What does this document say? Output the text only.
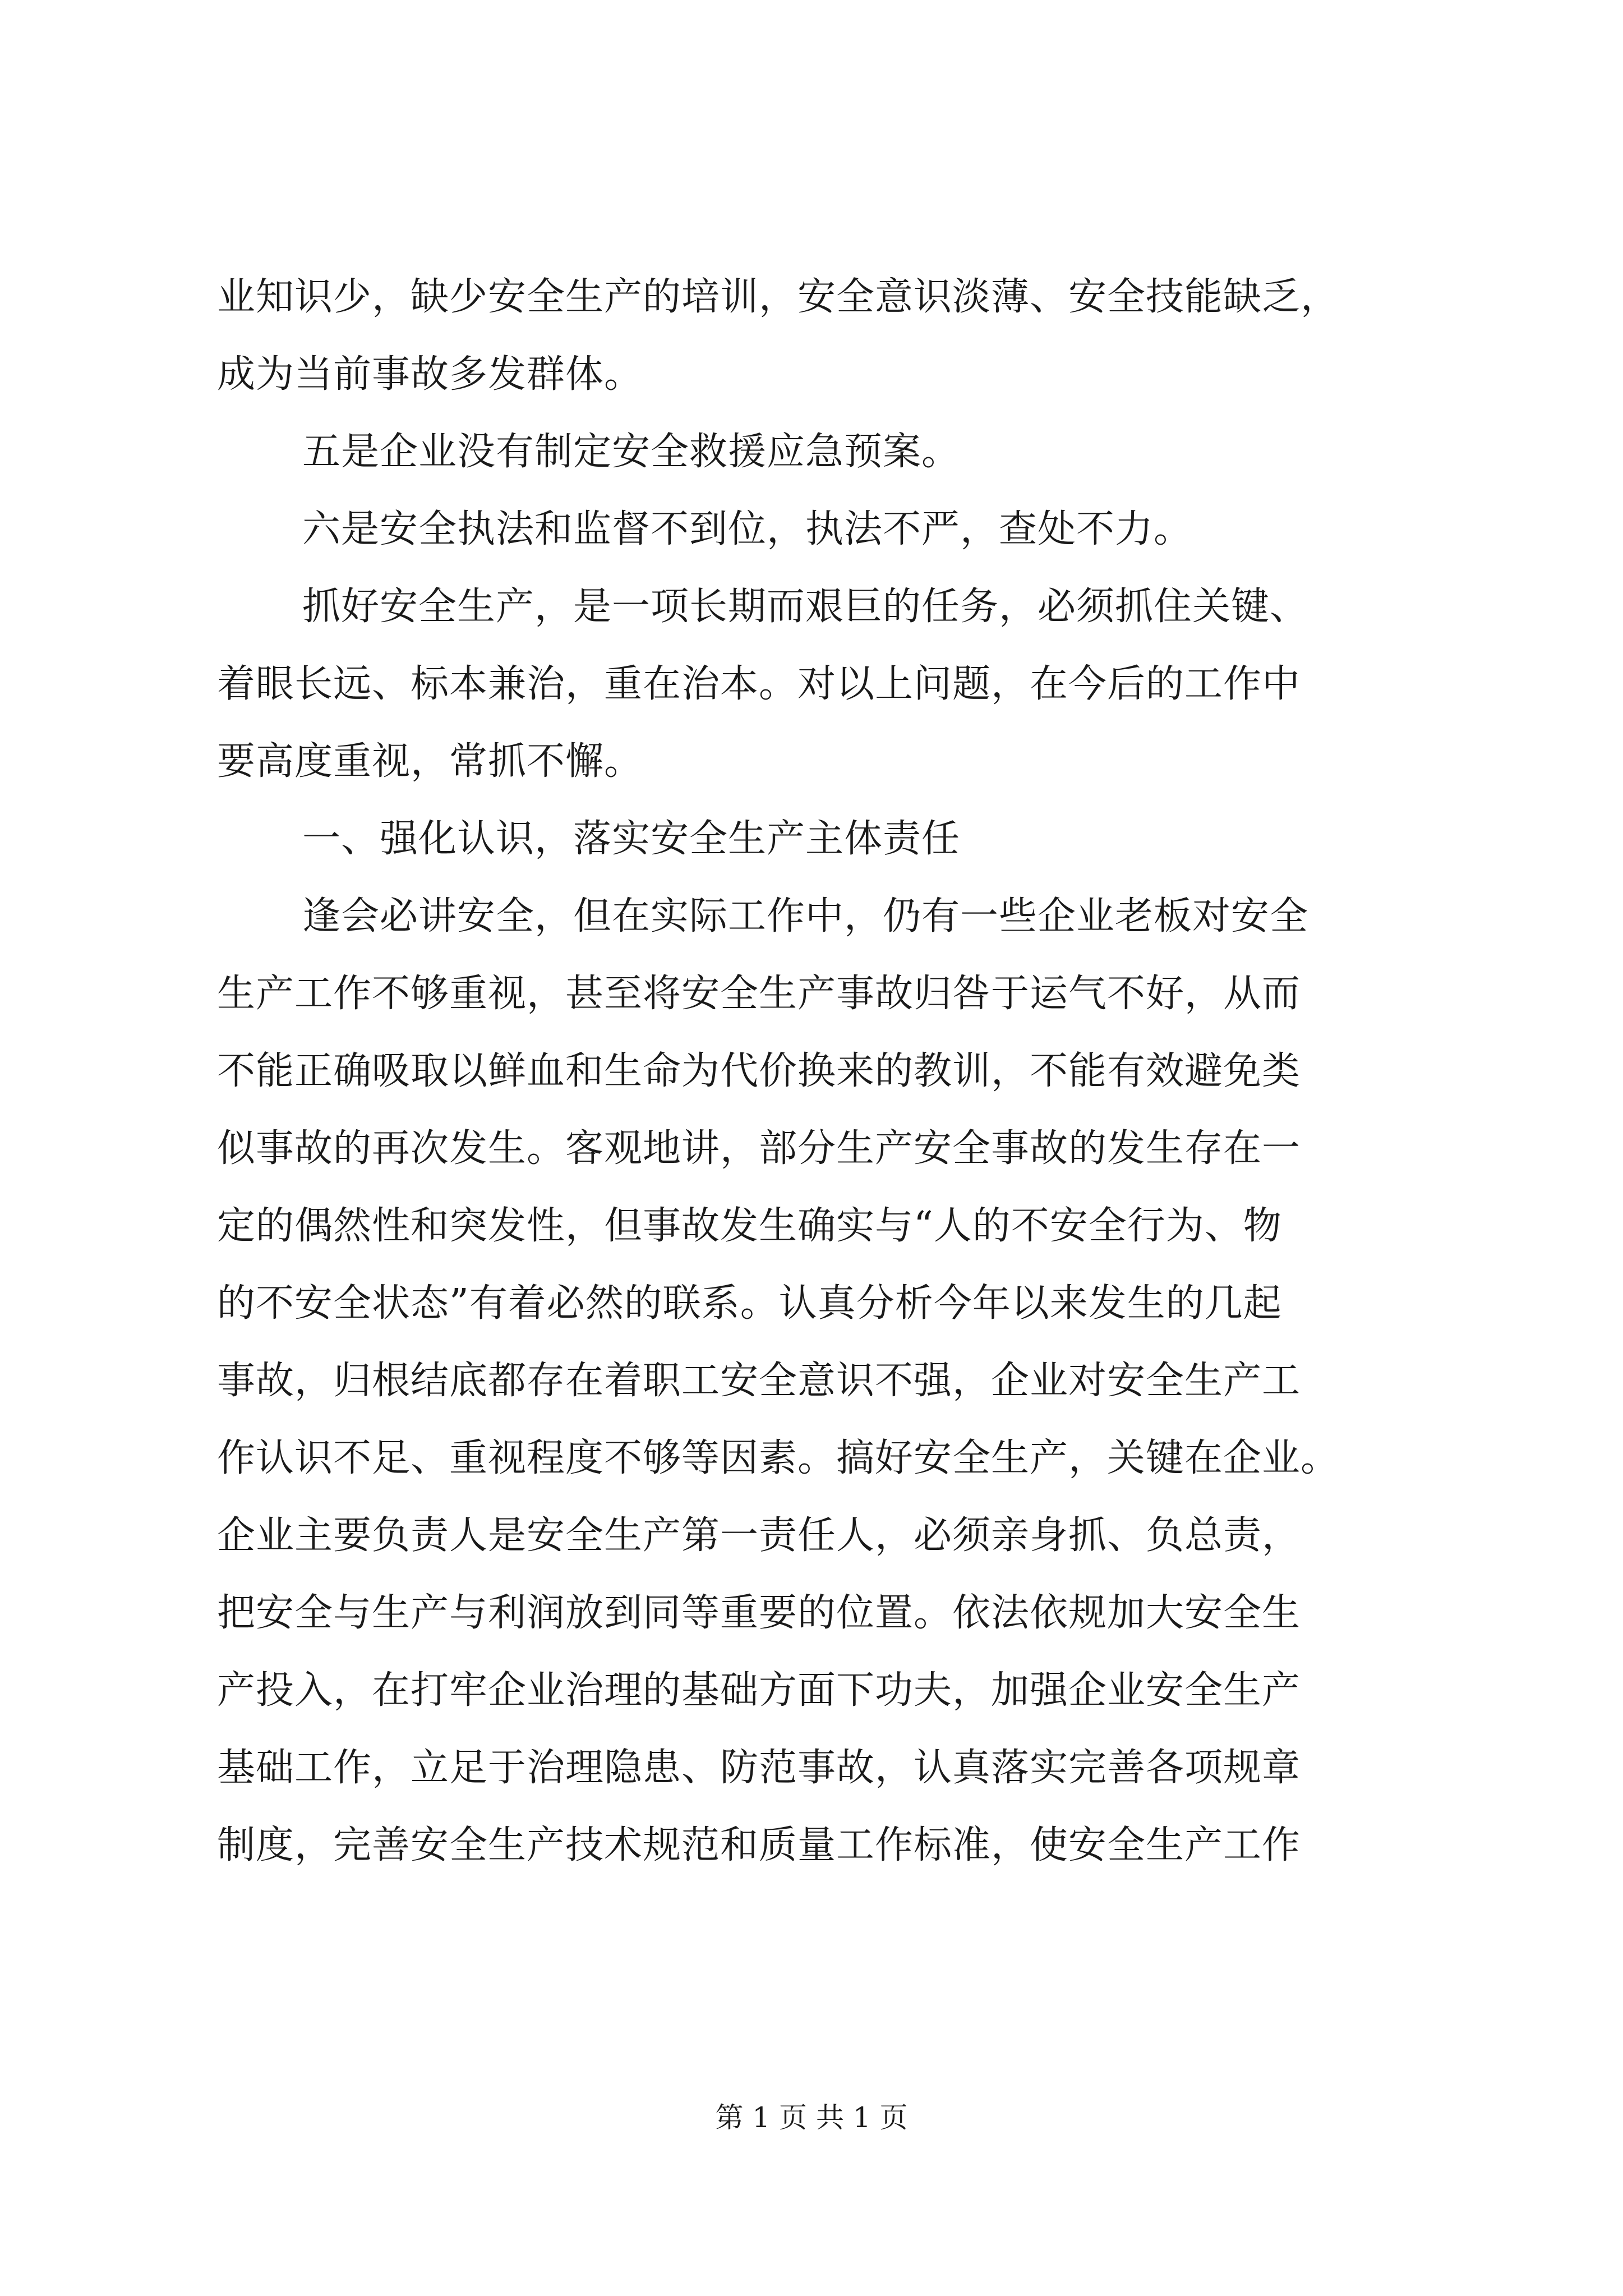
业知识少，缺少安全生产的培训，安全意识淡薄、安全技能缺乏，
成为当前事故多发群体。
五是企业没有制定安全救援应急预案。
六是安全执法和监督不到位，执法不严，查处不力。
抓好安全生产，是一项长期而艰巨的任务，必须抓住关键、
着眼长远、标本兼治，重在治本。对以上问题，在今后的工作中
要高度重视，常抓不懈。
一、强化认识，落实安全生产主体责任
逢会必讲安全，但在实际工作中，仍有一些企业老板对安全
生产工作不够重视，甚至将安全生产事故归咎于运气不好，从而
不能正确吸取以鲜血和生命为代价换来的教训，不能有效避免类
似事故的再次发生。客观地讲，部分生产安全事故的发生存在一
定的偶然性和突发性，但事故发生确实与“人的不安全行为、物
的不安全状态”有着必然的联系。认真分析今年以来发生的几起
事故，归根结底都存在着职工安全意识不强，企业对安全生产工
作认识不足、重视程度不够等因素。搞好安全生产，关键在企业。
企业主要负责人是安全生产第一责任人，必须亲身抓、负总责，
把安全与生产与利润放到同等重要的位置。依法依规加大安全生
产投入，在打牢企业治理的基础方面下功夫，加强企业安全生产
基础工作，立足于治理隐患、防范事故，认真落实完善各项规章
制度，完善安全生产技术规范和质量工作标准，使安全生产工作
第 1 页 共 1 页
